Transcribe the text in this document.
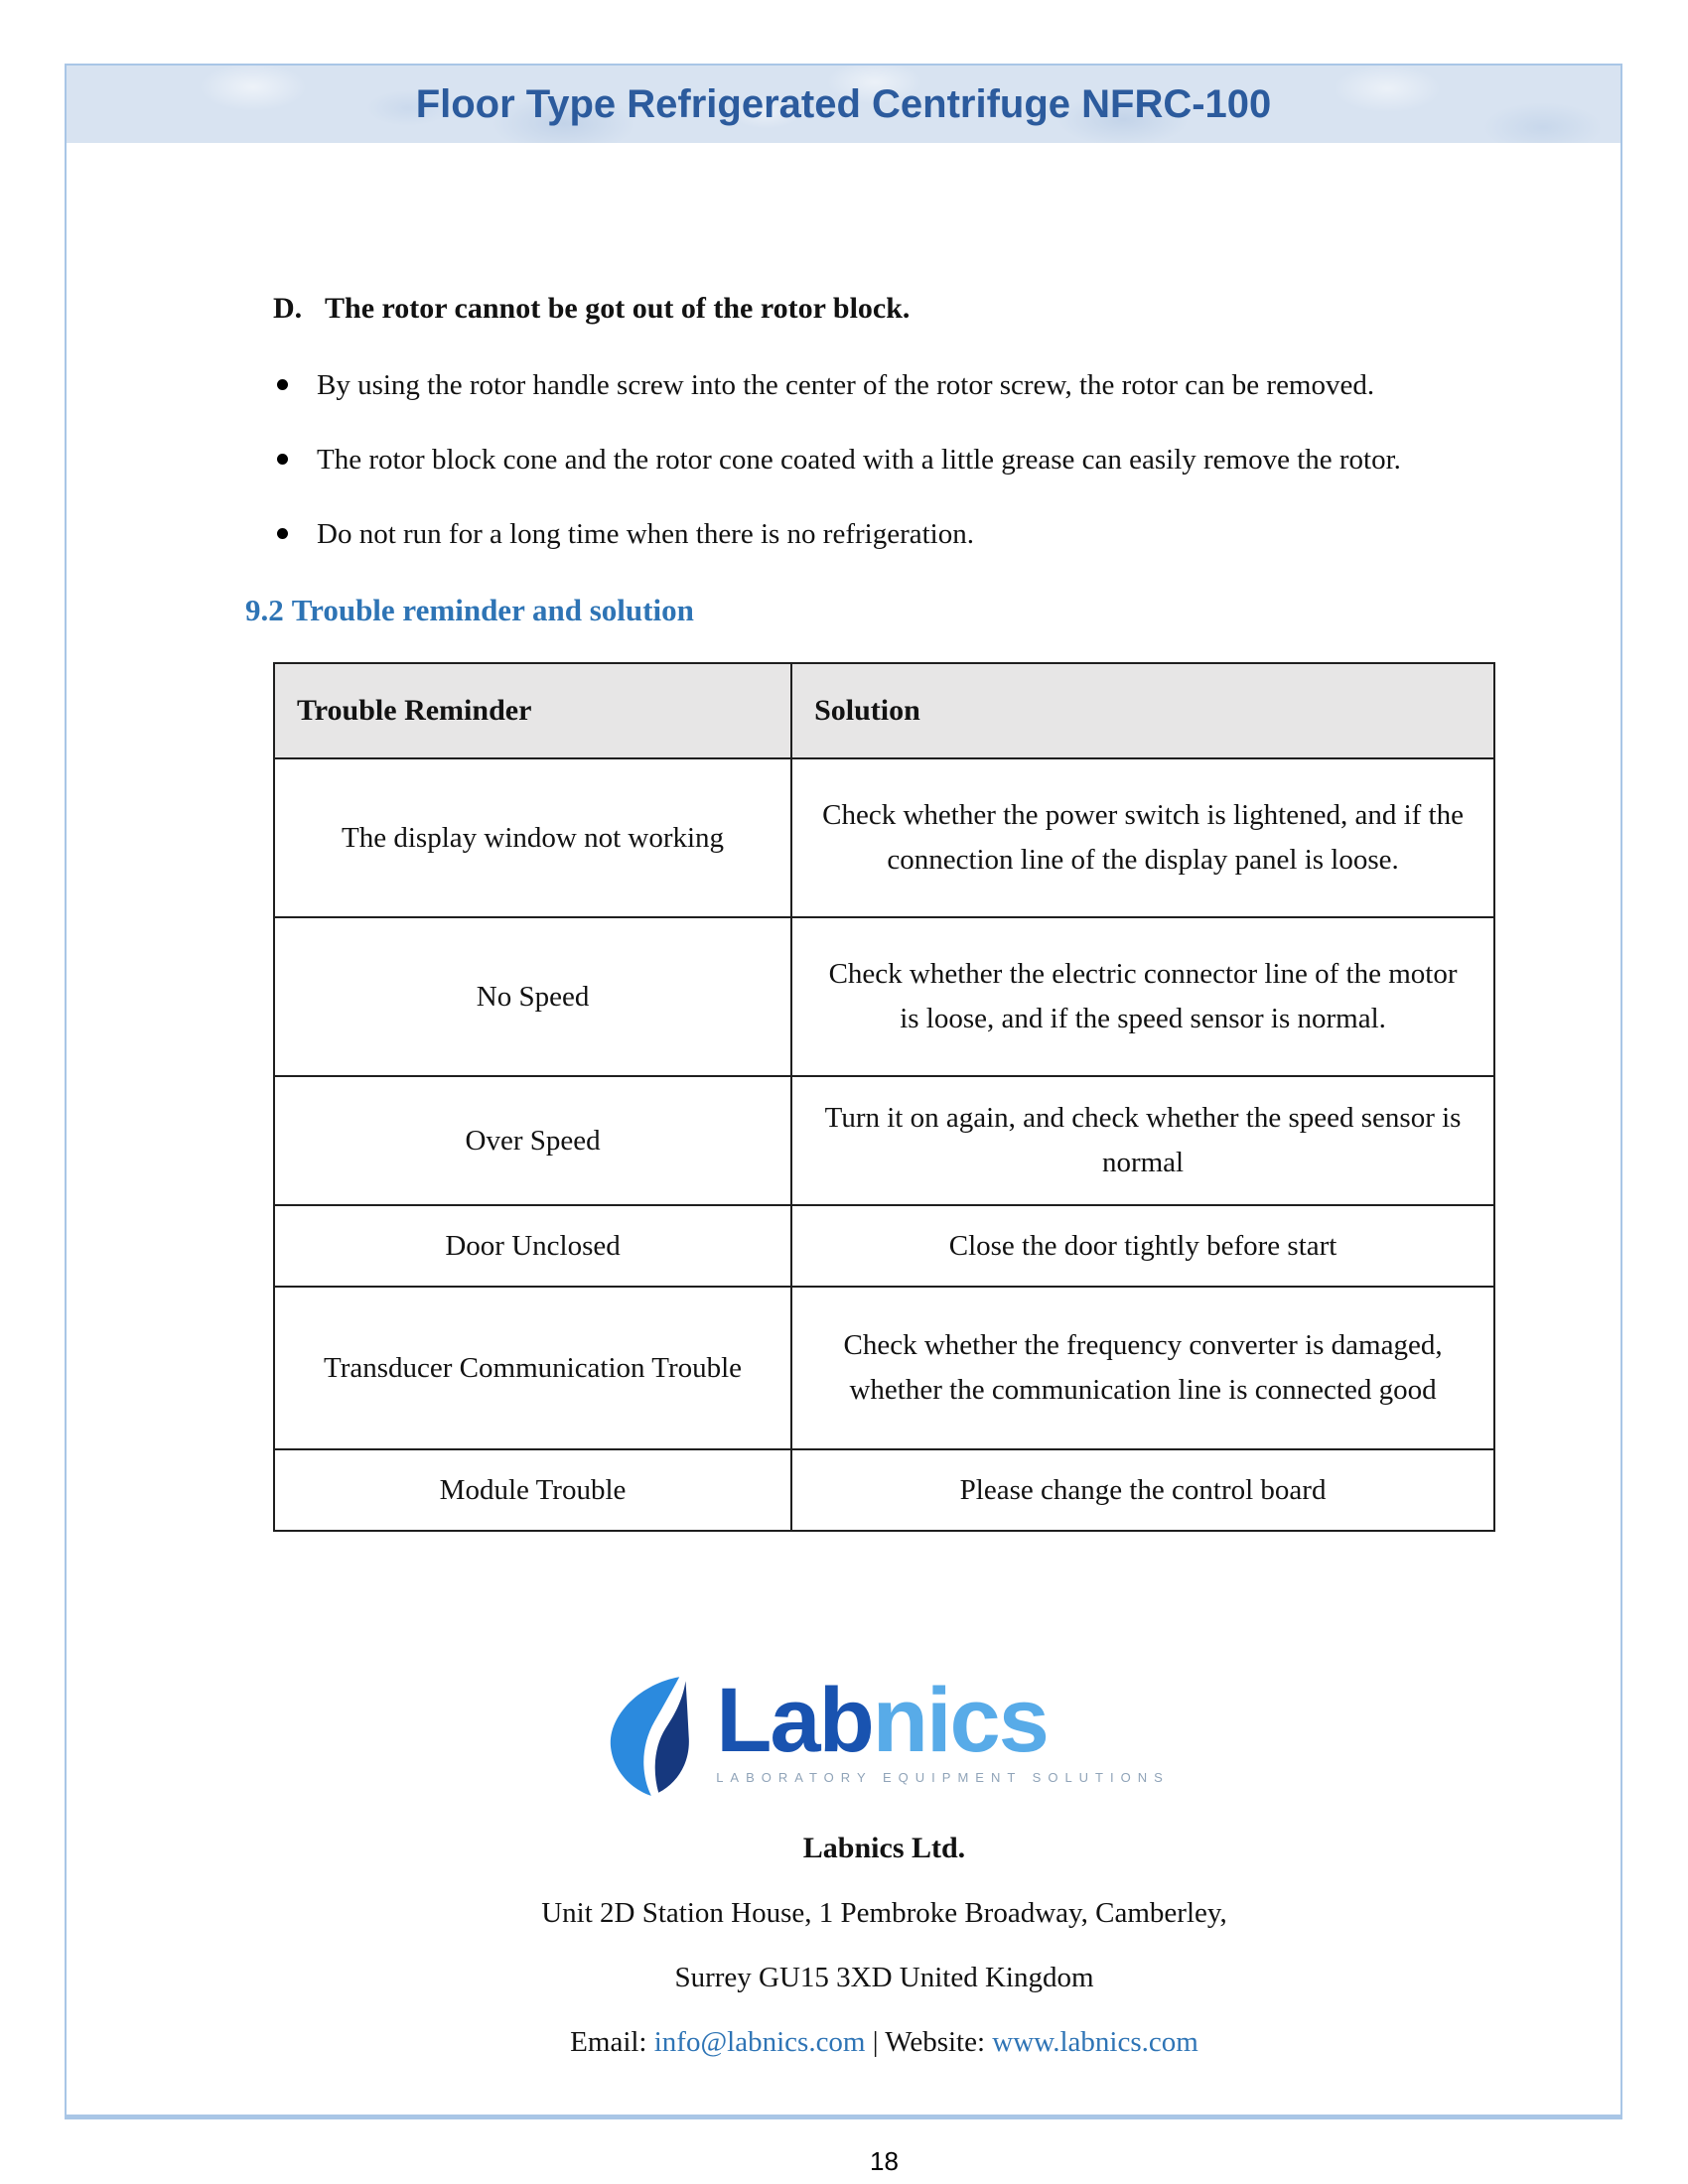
Floor Type Refrigerated Centrifuge NFRC-100
D. The rotor cannot be got out of the rotor block.
By using the rotor handle screw into the center of the rotor screw, the rotor can be removed.
The rotor block cone and the rotor cone coated with a little grease can easily remove the rotor.
Do not run for a long time when there is no refrigeration.
9.2 Trouble reminder and solution
Trouble Reminder	Solution
The display window not working	Check whether the power switch is lightened, and if the connection line of the display panel is loose.
No Speed	Check whether the electric connector line of the motor is loose, and if the speed sensor is normal.
Over Speed	Turn it on again, and check whether the speed sensor is normal
Door Unclosed	Close the door tightly before start
Transducer Communication Trouble	Check whether the frequency converter is damaged, whether the communication line is connected good
Module Trouble	Please change the control board
Labnics
LABORATORY EQUIPMENT SOLUTIONS
Labnics Ltd.
Unit 2D Station House, 1 Pembroke Broadway, Camberley,
Surrey GU15 3XD United Kingdom
Email: info@labnics.com | Website: www.labnics.com
18
